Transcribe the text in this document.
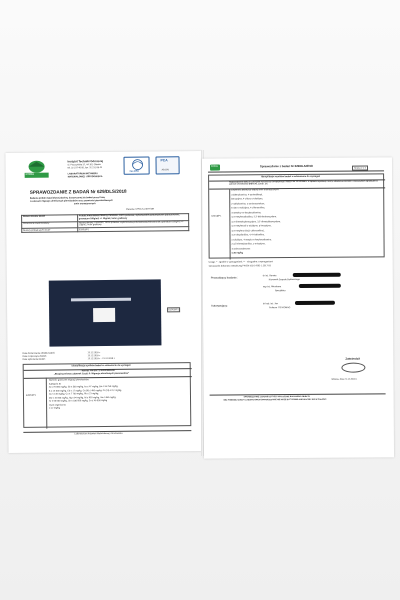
KOMAG
Instytut Techniki Górniczej
ul. Pszczyńska 37, 44-101 Gliwice
tel. 32 237 46 00, fax. 32 231 08 43
LABORATORIUM INŻYNIERII
MATERIAŁOWEJ I ŚRODOWISKA
ilac-MRA
PCA
AB 070
SPRAWOZDANIE Z BADAŃ Nr 629/DLS/2018
Badanie próbki materiałowej tkaniny, dostarczonej do badań przez firmę
w zakresie migracji określonych pierwiastków oraz zawartości pierwiastkowych
amin aromatycznych
Zlecenie: UP/DLS-24077/OR
Nazwa obiektu badań	Próbka materiałowa tkaniny PANAMA, 100% poliester, wykończenie poliuretanowe jednostronne, gramatura 185g/m2 +/- 10g/m2, kolor grafitowy
Oznaczenie zleceniodawcy	Nazwa tkaniny: PANAMA, 100% poliester, wykończenie poliuretanowe jednostronne, gramatura 185g/m2 +/- 10g/m2, kolor grafitowy
Numery próbek wg R-33,4/7	629/18/P1
629/18/P1
Data dostarczenia obiektu badań:	13.12.2018 r.
Data rozpoczęcia badań:	13.12.2018 r.
Data wykonania badań:	13.12.2018 r. - 21.12.2018 r.
Identyfikacja wyników badań w odniesieniu do wymagań
Norma: PN-EN 71-3+A3:2019-08
„Bezpieczeństwo zabawek Część 3: Migracja określonych pierwiastków”
629/18/P1
Wartości graniczne migracji pierwiastków:
Kategoria III:
Al ≤ 70 000 mg/kg, Sb ≤ 560 mg/kg, As ≤ 47 mg/kg, Ba ≤ 18 750 mg/kg,
B ≤ 15 000 mg/kg, Cd ≤ 17 mg/kg, Cr (III) ≤ 460 mg/kg, Cr (VI) ≤ 0,2 mg/kg,
Co ≤ 130 mg/kg, Cu ≤ 7 700 mg/kg, Pb ≤ 23 mg/kg,
Mn ≤ 15 000 mg/kg, Hg ≤ 94 mg/kg, Ni ≤ 930 mg/kg, Se ≤ 460 mg/kg,
Sr ≤ 56 000 mg/kg, Sn ≤ 180 000 mg/kg, Zn ≤ 46 000 mg/kg
Cyna organiczna:
≤ 12 mg/kg
Laboratorium Inżynierii Materiałowej i Środowiska
KOMAG	Sprawozdanie z badań Nr 629/DLS/2018	Strona 2 z 4
Identyfikacja wyników badań w odniesieniu do wymagań
Rozporządzenie (WE) nr 1907/2006 Parlamentu Europejskiego i Rady z dn. 18.12.2006 r. w sprawie rejestracji, oceny, udzielania zezwoleń i stosowanych ograniczeń w zakresie chemikaliów (REACH), z późn. zm.
629/18/P1
Zawartość jednej lub więcej amin aromatycznych:
a-bifenyloamina, 4-aminodifenyl,
benzydyna, 4-chloro-o-toluidyna,
2-naftyloamina, o-aminoazotoluen,
5-nitro-o-toluidyna, 4-chloroanilina,
4-metoksy-m-fenylenodiamina,
4,4'-metylenodianilina, 3,3'-dichlorobenzydyna,
3,3'-dimetoksybenzydyna, 3,3'-dimetylobenzydyna,
4,4'-metylenodi-o-toluidyna, p-krezydyna,
4,4'-metyleno-bis(2-chloroanilina),
4,4'-oksydianilina, 4,4'-tiodianilina,
o-toluidyna, 4-metylo-m-fenylenodiamina,
2,4,5-trimetyloanilina, o-anizydyna,
4-aminoazobenzen
≤ 30 mg/kg
Uwagi: * - zgodnie z wymaganiami; ** - niezgodne z wymaganiami
Oznaczenia dokonano metodą wg PN-EN ISO 14362-1:2017-03
Prowadzący badanie:	dr inż. Renata
Kierownik Zespołu Badawczego
mgr inż. Mirosława
Specjalista
Autoryzujący:	dr hab. inż. Jan
Profesor ITG KOMAG
Zatwierdził
Gliwice, dnia 21.12.2018 r.
SPRAWOZDANIE Z BADAŃ DOTYCZY WYŁĄCZNIE BADANEGO OBIEKTU
BEZ PISEMNEJ ZGODY LABORATORIUM SPRAWOZDANIE NIE MOŻE BYĆ POWIELANE INACZEJ NIŻ W CAŁOŚCI
